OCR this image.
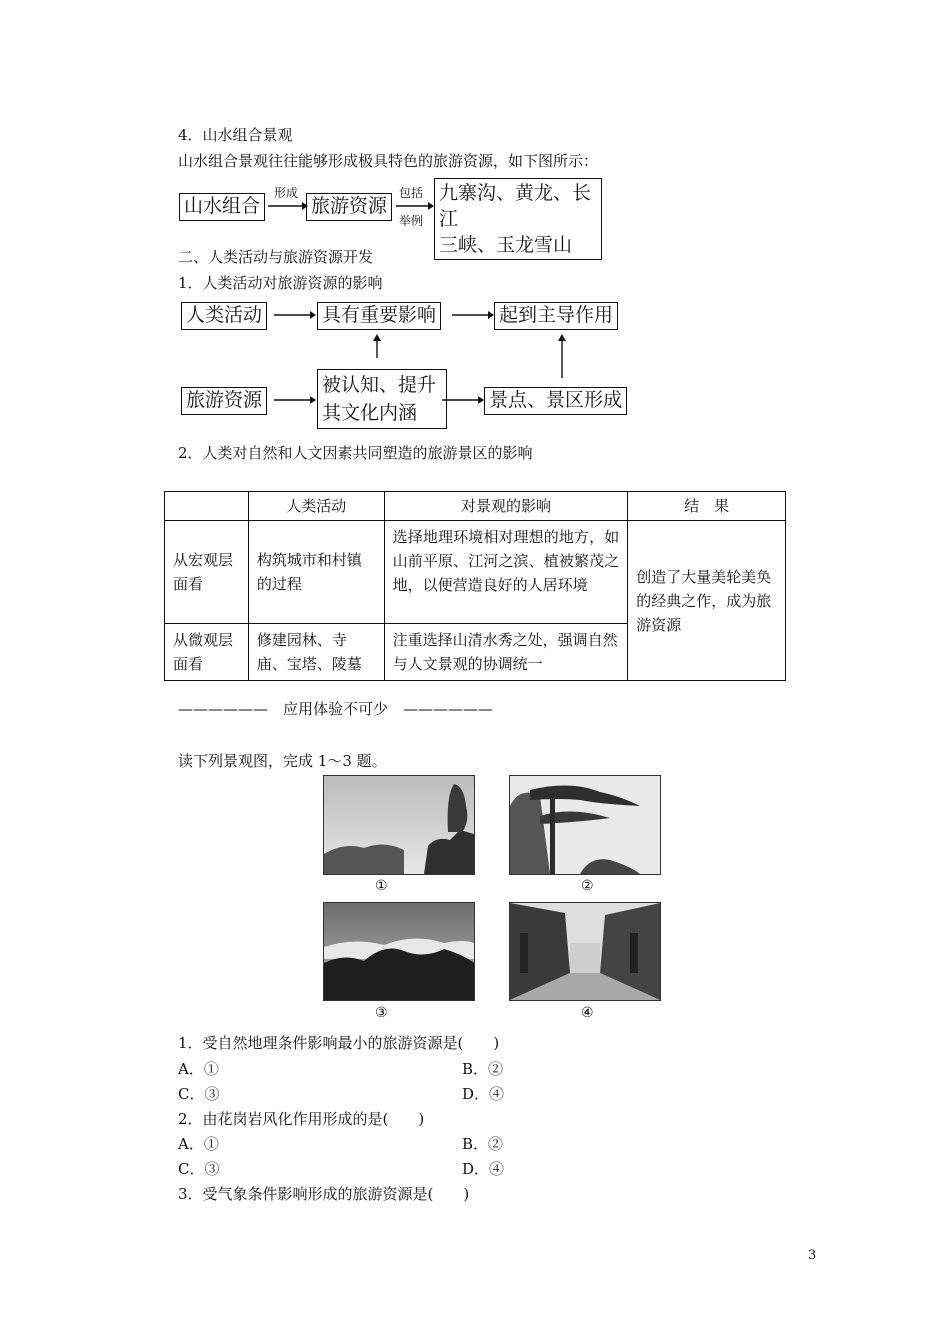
4．山水组合景观
山水组合景观往往能够形成极具特色的旅游资源，如下图所示：
山水组合
形成
旅游资源
包括
举例
九寨沟、黄龙、长江
三峡、玉龙雪山
二、人类活动与旅游资源开发
1．人类活动对旅游资源的影响
人类活动	具有重要影响	起到主导作用
旅游资源
被认知、提升
其文化内涵
景点、景区形成
2．人类对自然和人文因素共同塑造的旅游景区的影响
	人类活动	对景观的影响	结　果
从宏观层面看	构筑城市和村镇的过程	选择地理环境相对理想的地方，如山前平原、江河之滨、植被繁茂之地，以便营造良好的人居环境	创造了大量美轮美奂的经典之作，成为旅游资源
从微观层面看	修建园林、寺庙、宝塔、陵墓	注重选择山清水秀之处，强调自然与人文景观的协调统一	
——————　应用体验不可少　——————
读下列景观图，完成 1～3 题。
①	②
③	④
1．受自然地理条件影响最小的旅游资源是(　　)
A．①	B．②
C．③	D．④
2．由花岗岩风化作用形成的是(　　)
A．①	B．②
C．③	D．④
3．受气象条件影响形成的旅游资源是(　　)
3
